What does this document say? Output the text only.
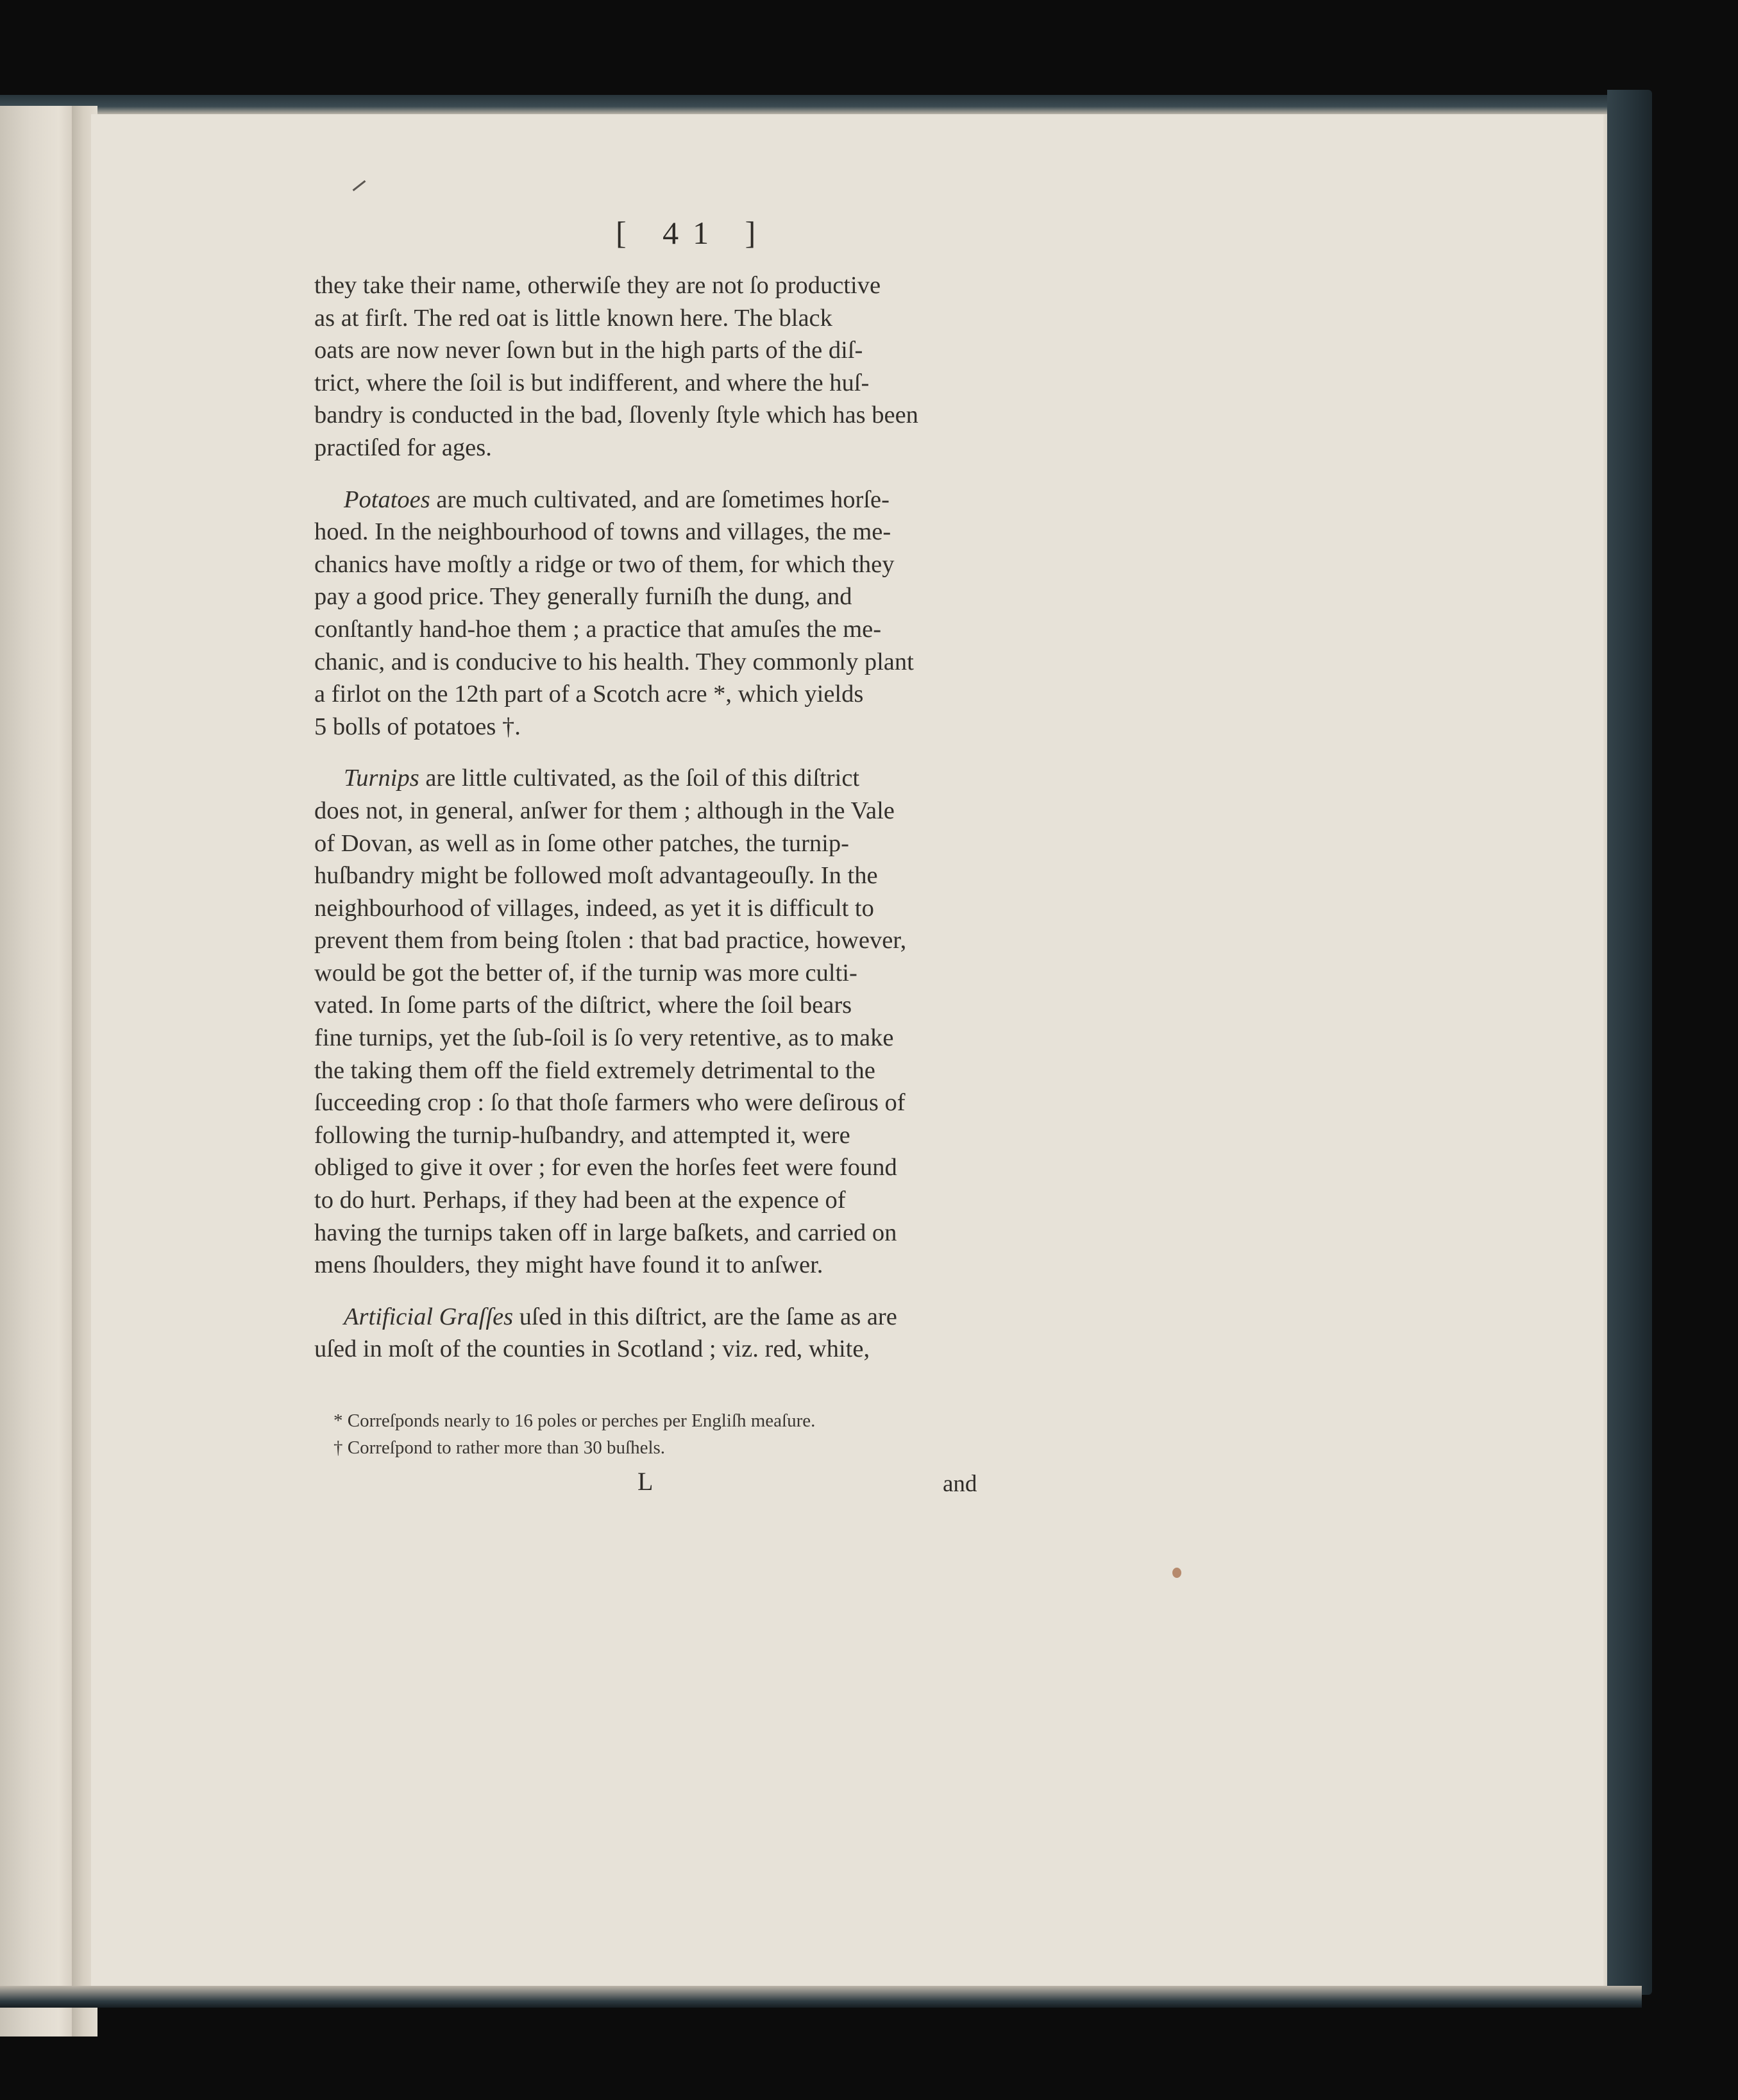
[ 41 ]

they take their name, otherwiſe they are not ſo productive
as at firſt. The red oat is little known here. The black
oats are now never ſown but in the high parts of the diſ-
trict, where the ſoil is but indifferent, and where the huſ-
bandry is conducted in the bad, ſlovenly ſtyle which has been
practiſed for ages.

Potatoes are much cultivated, and are ſometimes horſe-
hoed. In the neighbourhood of towns and villages, the me-
chanics have moſtly a ridge or two of them, for which they
pay a good price. They generally furniſh the dung, and
conſtantly hand-hoe them ; a practice that amuſes the me-
chanic, and is conducive to his health. They commonly plant
a firlot on the 12th part of a Scotch acre *, which yields
5 bolls of potatoes †.

Turnips are little cultivated, as the ſoil of this diſtrict
does not, in general, anſwer for them ; although in the Vale
of Dovan, as well as in ſome other patches, the turnip-
huſbandry might be followed moſt advantageouſly. In the
neighbourhood of villages, indeed, as yet it is difficult to
prevent them from being ſtolen : that bad practice, however,
would be got the better of, if the turnip was more culti-
vated. In ſome parts of the diſtrict, where the ſoil bears
fine turnips, yet the ſub-ſoil is ſo very retentive, as to make
the taking them off the field extremely detrimental to the
ſucceeding crop : ſo that thoſe farmers who were deſirous of
following the turnip-huſbandry, and attempted it, were
obliged to give it over ; for even the horſes feet were found
to do hurt. Perhaps, if they had been at the expence of
having the turnips taken off in large baſkets, and carried on
mens ſhoulders, they might have found it to anſwer.

Artificial Graſſes uſed in this diſtrict, are the ſame as are
uſed in moſt of the counties in Scotland ; viz. red, white,

* Correſponds nearly to 16 poles or perches per Engliſh meaſure.
† Correſpond to rather more than 30 buſhels.
L	and
